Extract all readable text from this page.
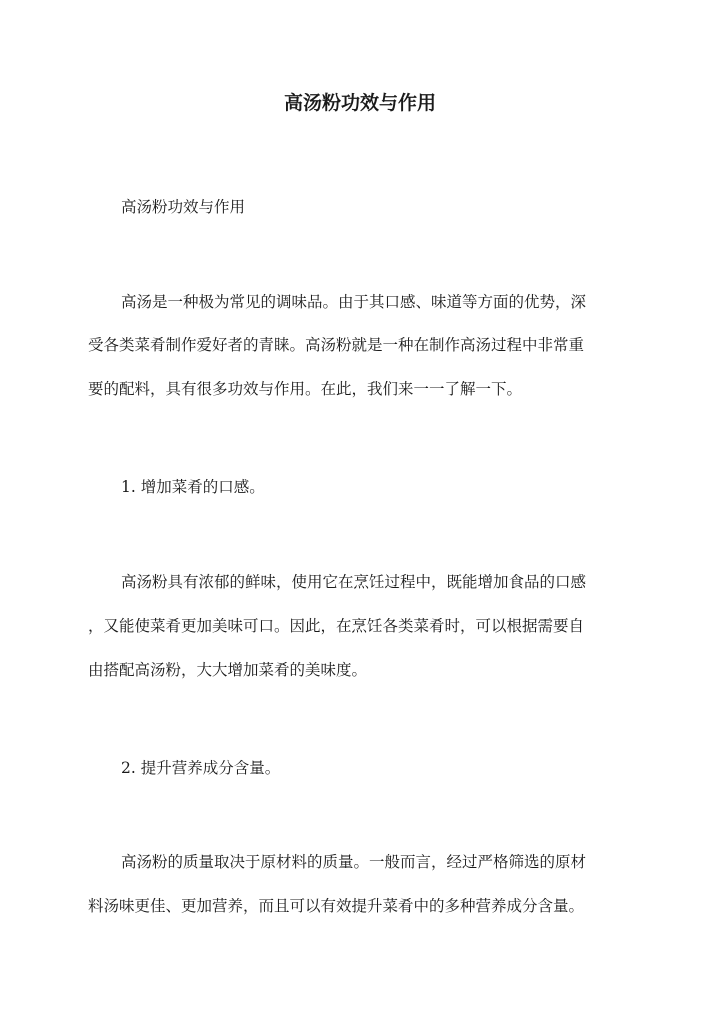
高汤粉功效与作用

高汤粉功效与作用

高汤是一种极为常见的调味品。由于其口感、味道等方面的优势，深

受各类菜肴制作爱好者的青睐。高汤粉就是一种在制作高汤过程中非常重

要的配料，具有很多功效与作用。在此，我们来一一了解一下。

1. 增加菜肴的口感。

高汤粉具有浓郁的鲜味，使用它在烹饪过程中，既能增加食品的口感

，又能使菜肴更加美味可口。因此，在烹饪各类菜肴时，可以根据需要自

由搭配高汤粉，大大增加菜肴的美味度。

2. 提升营养成分含量。

高汤粉的质量取决于原材料的质量。一般而言，经过严格筛选的原材

料汤味更佳、更加营养，而且可以有效提升菜肴中的多种营养成分含量。
